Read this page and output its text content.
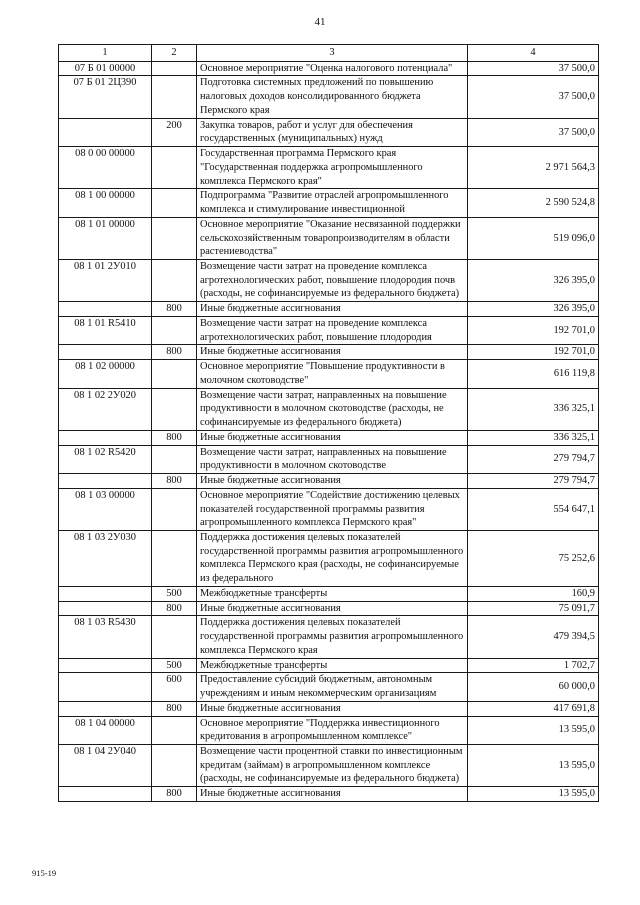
41
1	2	3	4
07 Б 01 00000		Основное мероприятие "Оценка налогового потенциала"	37 500,0
07 Б 01 2Ц390		Подготовка системных предложений по повышению налоговых доходов консолидированного бюджета Пермского края	37 500,0
	200	Закупка товаров, работ и услуг для обеспечения государственных (муниципальных) нужд	37 500,0
08 0 00 00000		Государственная программа Пермского края "Государственная поддержка агропромышленного комплекса Пермского края"	2 971 564,3
08 1 00 00000		Подпрограмма "Развитие отраслей агропромышленного комплекса и стимулирование инвестиционной	2 590 524,8
08 1 01 00000		Основное мероприятие "Оказание несвязанной поддержки сельскохозяйственным товаропроизводителям в области растениеводства"	519 096,0
08 1 01 2У010		Возмещение части затрат на проведение комплекса агротехнологических работ, повышение плодородия почв (расходы, не софинансируемые из федерального бюджета)	326 395,0
	800	Иные бюджетные ассигнования	326 395,0
08 1 01 R5410		Возмещение части затрат на проведение комплекса агротехнологических работ, повышение плодородия	192 701,0
	800	Иные бюджетные ассигнования	192 701,0
08 1 02 00000		Основное мероприятие "Повышение продуктивности в молочном скотоводстве"	616 119,8
08 1 02 2У020		Возмещение части затрат, направленных на повышение продуктивности в молочном скотоводстве (расходы, не софинансируемые из федерального бюджета)	336 325,1
	800	Иные бюджетные ассигнования	336 325,1
08 1 02 R5420		Возмещение части затрат, направленных на повышение продуктивности в молочном скотоводстве	279 794,7
	800	Иные бюджетные ассигнования	279 794,7
08 1 03 00000		Основное мероприятие "Содействие достижению целевых показателей государственной программы развития агропромышленного комплекса Пермского края"	554 647,1
08 1 03 2У030		Поддержка достижения целевых показателей государственной программы развития агропромышленного комплекса Пермского края (расходы, не софинансируемые из федерального	75 252,6
	500	Межбюджетные трансферты	160,9
	800	Иные бюджетные ассигнования	75 091,7
08 1 03 R5430		Поддержка достижения целевых показателей государственной программы развития агропромышленного комплекса Пермского края	479 394,5
	500	Межбюджетные трансферты	1 702,7
	600	Предоставление субсидий бюджетным, автономным учреждениям и иным некоммерческим организациям	60 000,0
	800	Иные бюджетные ассигнования	417 691,8
08 1 04 00000		Основное мероприятие "Поддержка инвестиционного кредитования в агропромышленном комплексе"	13 595,0
08 1 04 2У040		Возмещение части процентной ставки по инвестиционным кредитам (займам) в агропромышленном комплексе (расходы, не софинансируемые из федерального бюджета)	13 595,0
	800	Иные бюджетные ассигнования	13 595,0
915-19
